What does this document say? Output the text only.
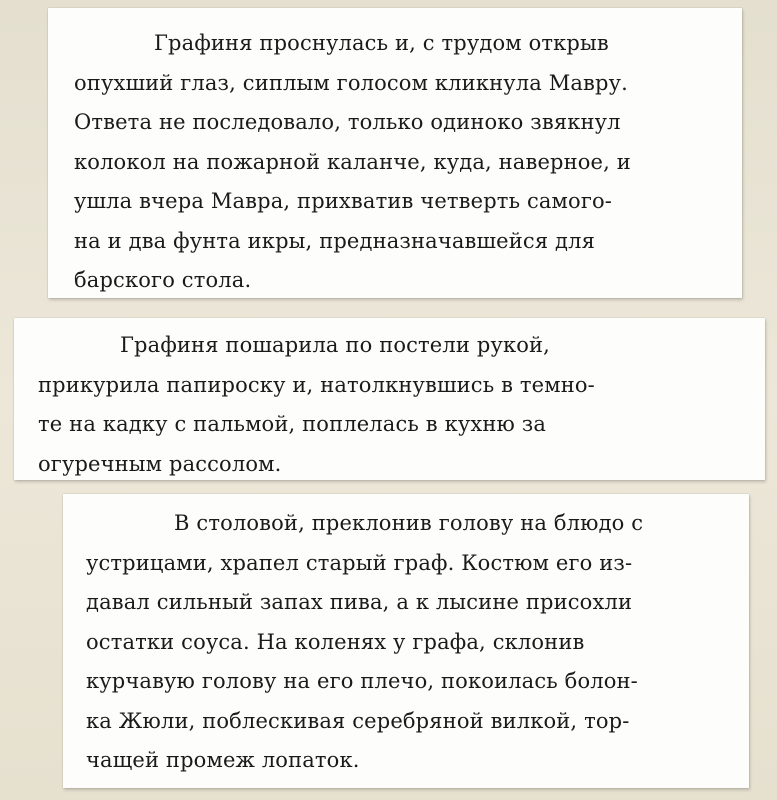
Графиня проснулась и, с трудом открыв

опухший глаз, сиплым голосом кликнула Мавру.

Ответа не последовало, только одиноко звякнул

колокол на пожарной каланче, куда, наверное, и

ушла вчера Мавра, прихватив четверть самого-

на и два фунта икры, предназначавшейся для

барского стола.

Графиня пошарила по постели рукой,

прикурила папироску и, натолкнувшись в темно-

те на кадку с пальмой, поплелась в кухню за

огуречным рассолом.

В столовой, преклонив голову на блюдо с

устрицами, храпел старый граф. Костюм его из-

давал сильный запах пива, а к лысине присохли

остатки соуса. На коленях у графа, склонив

курчавую голову на его плечо, покоилась болон-

ка Жюли, поблескивая серебряной вилкой, тор-

чащей промеж лопаток.
